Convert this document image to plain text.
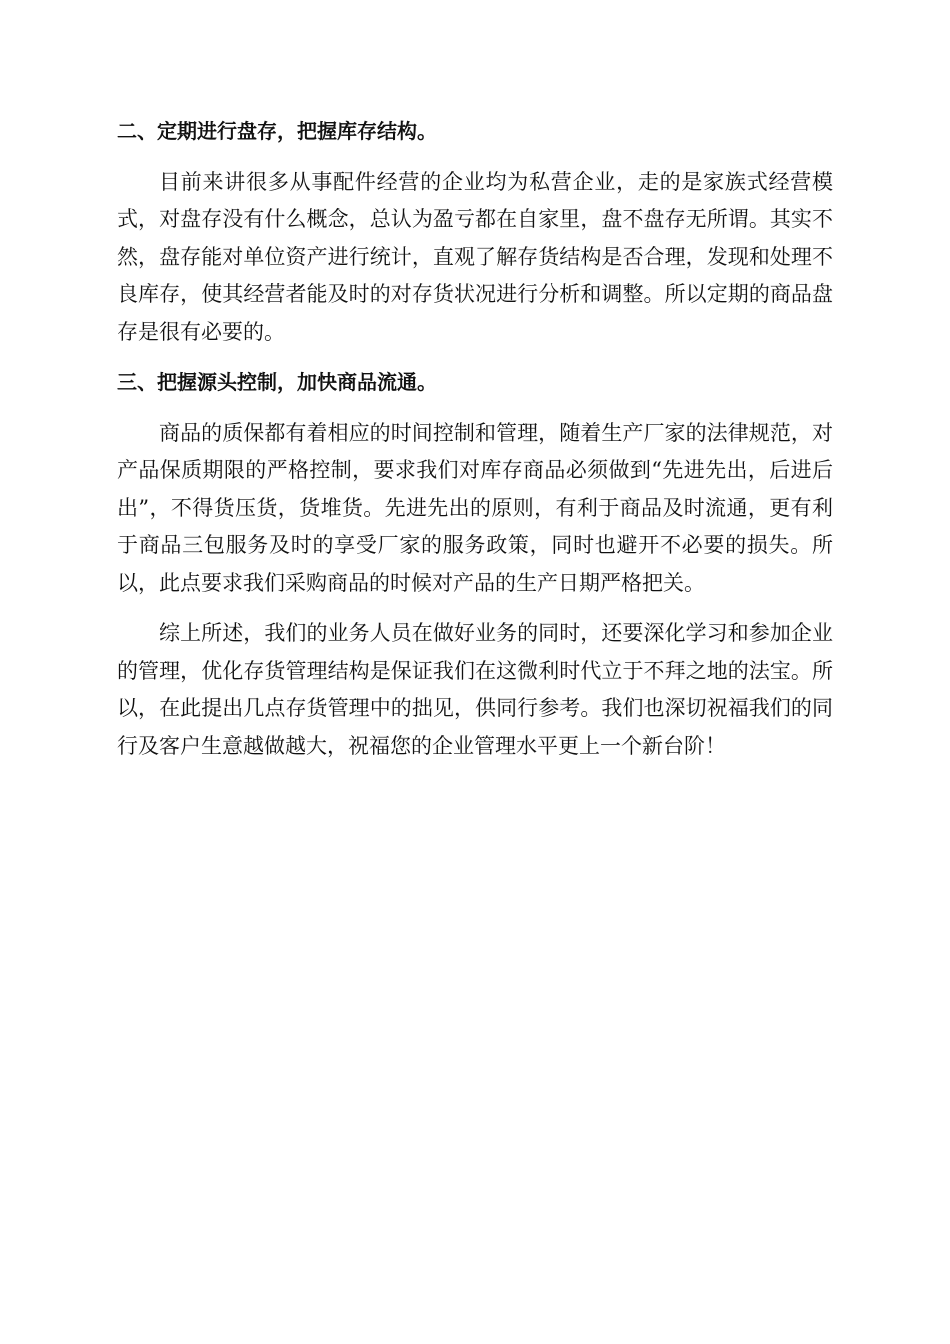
二、定期进行盘存，把握库存结构。

目前来讲很多从事配件经营的企业均为私营企业，走的是家族式经营模式，对盘存没有什么概念，总认为盈亏都在自家里，盘不盘存无所谓。其实不然，盘存能对单位资产进行统计，直观了解存货结构是否合理，发现和处理不良库存，使其经营者能及时的对存货状况进行分析和调整。所以定期的商品盘存是很有必要的。

三、把握源头控制，加快商品流通。

商品的质保都有着相应的时间控制和管理，随着生产厂家的法律规范，对产品保质期限的严格控制，要求我们对库存商品必须做到“先进先出，后进后出”，不得货压货，货堆货。先进先出的原则，有利于商品及时流通，更有利于商品三包服务及时的享受厂家的服务政策，同时也避开不必要的损失。所以，此点要求我们采购商品的时候对产品的生产日期严格把关。

综上所述，我们的业务人员在做好业务的同时，还要深化学习和参加企业的管理，优化存货管理结构是保证我们在这微利时代立于不拜之地的法宝。所以，在此提出几点存货管理中的拙见，供同行参考。我们也深切祝福我们的同行及客户生意越做越大，祝福您的企业管理水平更上一个新台阶！
